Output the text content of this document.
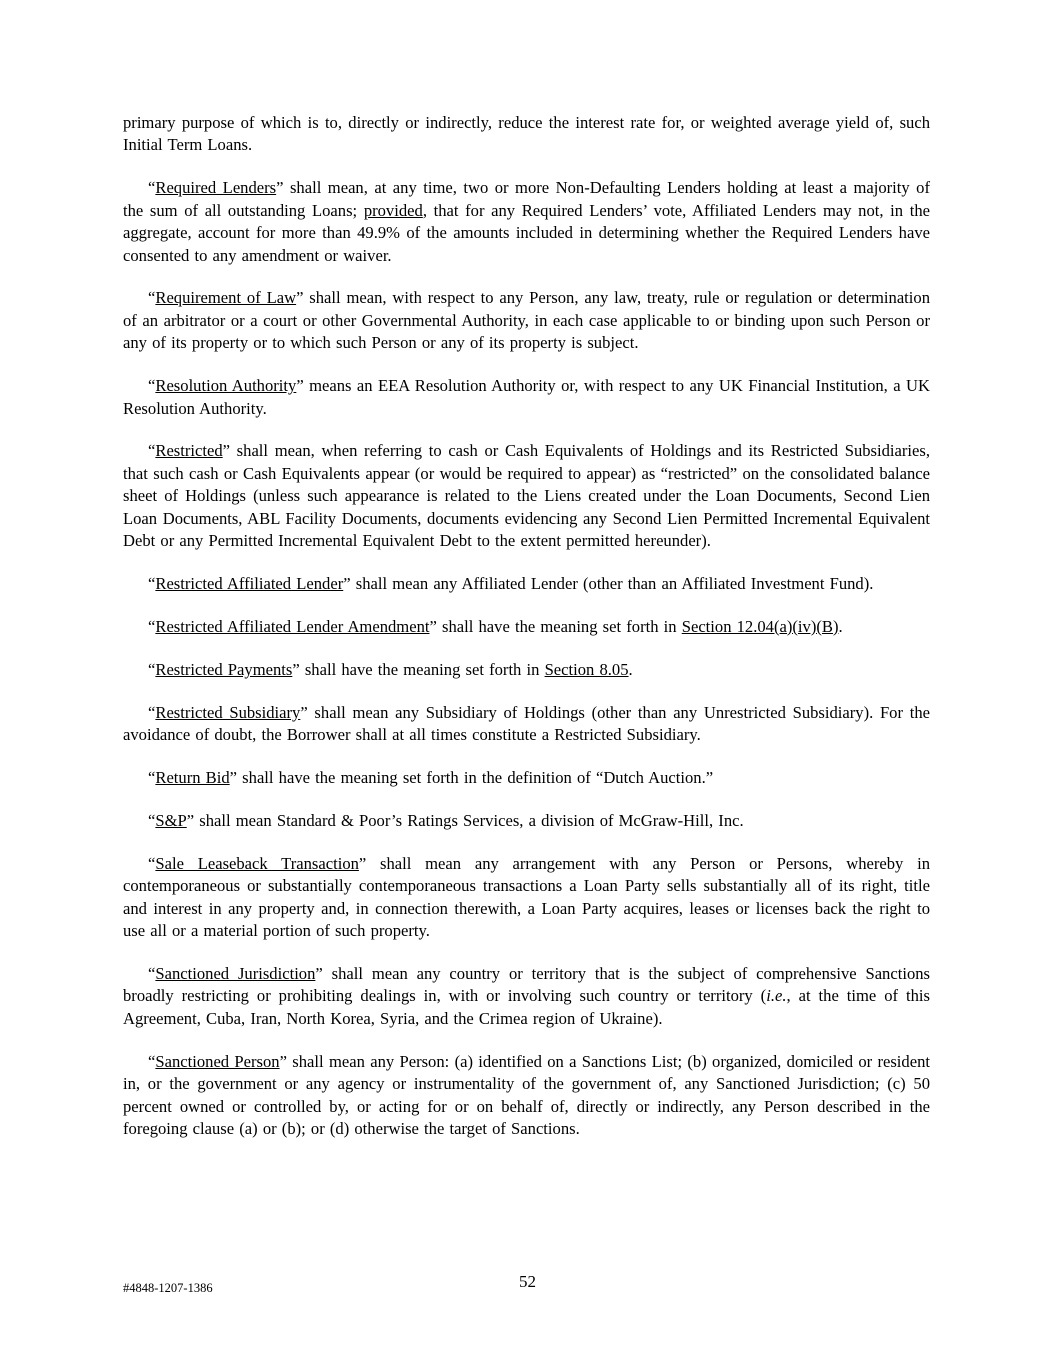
primary purpose of which is to, directly or indirectly, reduce the interest rate for, or weighted average yield of, such Initial Term Loans.

“Required Lenders” shall mean, at any time, two or more Non-Defaulting Lenders holding at least a majority of the sum of all outstanding Loans; provided, that for any Required Lenders’ vote, Affiliated Lenders may not, in the aggregate, account for more than 49.9% of the amounts included in determining whether the Required Lenders have consented to any amendment or waiver.

“Requirement of Law” shall mean, with respect to any Person, any law, treaty, rule or regulation or determination of an arbitrator or a court or other Governmental Authority, in each case applicable to or binding upon such Person or any of its property or to which such Person or any of its property is subject.

“Resolution Authority” means an EEA Resolution Authority or, with respect to any UK Financial Institution, a UK Resolution Authority.

“Restricted” shall mean, when referring to cash or Cash Equivalents of Holdings and its Restricted Subsidiaries, that such cash or Cash Equivalents appear (or would be required to appear) as “restricted” on the consolidated balance sheet of Holdings (unless such appearance is related to the Liens created under the Loan Documents, Second Lien Loan Documents, ABL Facility Documents, documents evidencing any Second Lien Permitted Incremental Equivalent Debt or any Permitted Incremental Equivalent Debt to the extent permitted hereunder).

“Restricted Affiliated Lender” shall mean any Affiliated Lender (other than an Affiliated Investment Fund).

“Restricted Affiliated Lender Amendment” shall have the meaning set forth in Section 12.04(a)(iv)(B).

“Restricted Payments” shall have the meaning set forth in Section 8.05.

“Restricted Subsidiary” shall mean any Subsidiary of Holdings (other than any Unrestricted Subsidiary). For the avoidance of doubt, the Borrower shall at all times constitute a Restricted Subsidiary.

“Return Bid” shall have the meaning set forth in the definition of “Dutch Auction.”

“S&P” shall mean Standard & Poor’s Ratings Services, a division of McGraw-Hill, Inc.

“Sale Leaseback Transaction” shall mean any arrangement with any Person or Persons, whereby in contemporaneous or substantially contemporaneous transactions a Loan Party sells substantially all of its right, title and interest in any property and, in connection therewith, a Loan Party acquires, leases or licenses back the right to use all or a material portion of such property.

“Sanctioned Jurisdiction” shall mean any country or territory that is the subject of comprehensive Sanctions broadly restricting or prohibiting dealings in, with or involving such country or territory (i.e., at the time of this Agreement, Cuba, Iran, North Korea, Syria, and the Crimea region of Ukraine).

“Sanctioned Person” shall mean any Person: (a) identified on a Sanctions List; (b) organized, domiciled or resident in, or the government or any agency or instrumentality of the government of, any Sanctioned Jurisdiction; (c) 50 percent owned or controlled by, or acting for or on behalf of, directly or indirectly, any Person described in the foregoing clause (a) or (b); or (d) otherwise the target of Sanctions.

#4848-1207-1386	52
